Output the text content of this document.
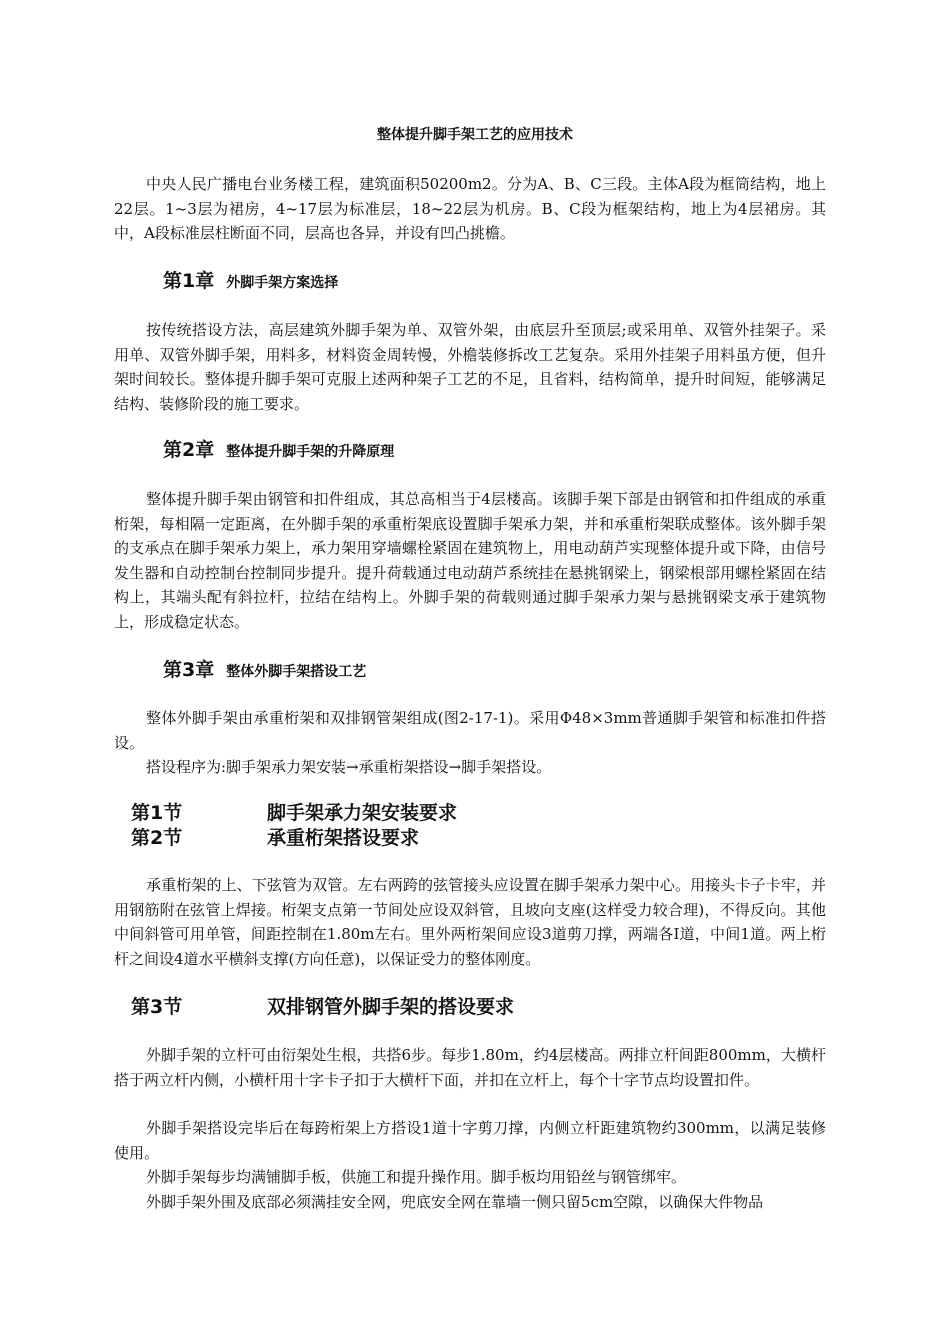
整体提升脚手架工艺的应用技术

中央人民广播电台业务楼工程，建筑面积50200m2。分为A、B、C三段。主体A段为框筒结构，地上22层。1~3层为裙房，4~17层为标准层，18~22层为机房。B、C段为框架结构，地上为4层裙房。其中，A段标准层柱断面不同，层高也各异，并设有凹凸挑檐。

第1章 外脚手架方案选择

按传统搭设方法，高层建筑外脚手架为单、双管外架，由底层升至顶层;或采用单、双管外挂架子。采用单、双管外脚手架，用料多，材料资金周转慢，外檐装修拆改工艺复杂。采用外挂架子用料虽方便，但升架时间较长。整体提升脚手架可克服上述两种架子工艺的不足，且省料，结构简单，提升时间短，能够满足结构、装修阶段的施工要求。

第2章 整体提升脚手架的升降原理

整体提升脚手架由钢管和扣件组成，其总高相当于4层楼高。该脚手架下部是由钢管和扣件组成的承重桁架，每相隔一定距离，在外脚手架的承重桁架底设置脚手架承力架，并和承重桁架联成整体。该外脚手架的支承点在脚手架承力架上，承力架用穿墙螺栓紧固在建筑物上，用电动葫芦实现整体提升或下降，由信号发生器和自动控制台控制同步提升。提升荷载通过电动葫芦系统挂在悬挑钢梁上，钢梁根部用螺栓紧固在结构上，其端头配有斜拉杆，拉结在结构上。外脚手架的荷载则通过脚手架承力架与悬挑钢梁支承于建筑物上，形成稳定状态。

第3章 整体外脚手架搭设工艺

整体外脚手架由承重桁架和双排钢管架组成(图2-17-1)。采用Φ48×3mm普通脚手架管和标准扣件搭设。

搭设程序为:脚手架承力架安装→承重桁架搭设→脚手架搭设。

第1节	脚手架承力架安装要求
第2节	承重桁架搭设要求

承重桁架的上、下弦管为双管。左右两跨的弦管接头应设置在脚手架承力架中心。用接头卡子卡牢，并用钢筋附在弦管上焊接。桁架支点第一节间处应设双斜管，且坡向支座(这样受力较合理)，不得反向。其他中间斜管可用单管，间距控制在1.80m左右。里外两桁架间应设3道剪刀撑，两端各I道，中间1道。两上桁杆之间设4道水平横斜支撑(方向任意)，以保证受力的整体刚度。

第3节	双排钢管外脚手架的搭设要求

外脚手架的立杆可由衍架处生根，共搭6步。每步1.80m，约4层楼高。两排立杆间距800mm，大横杆搭于两立杆内侧，小横杆用十字卡子扣于大横杆下面，并扣在立杆上，每个十字节点均设置扣件。

外脚手架搭设完毕后在每跨桁架上方搭设1道十字剪刀撑，内侧立杆距建筑物约300mm，以满足装修使用。

外脚手架每步均满铺脚手板，供施工和提升操作用。脚手板均用铅丝与钢管绑牢。

外脚手架外围及底部必须满挂安全网，兜底安全网在靠墙一侧只留5cm空隙，以确保大件物品
